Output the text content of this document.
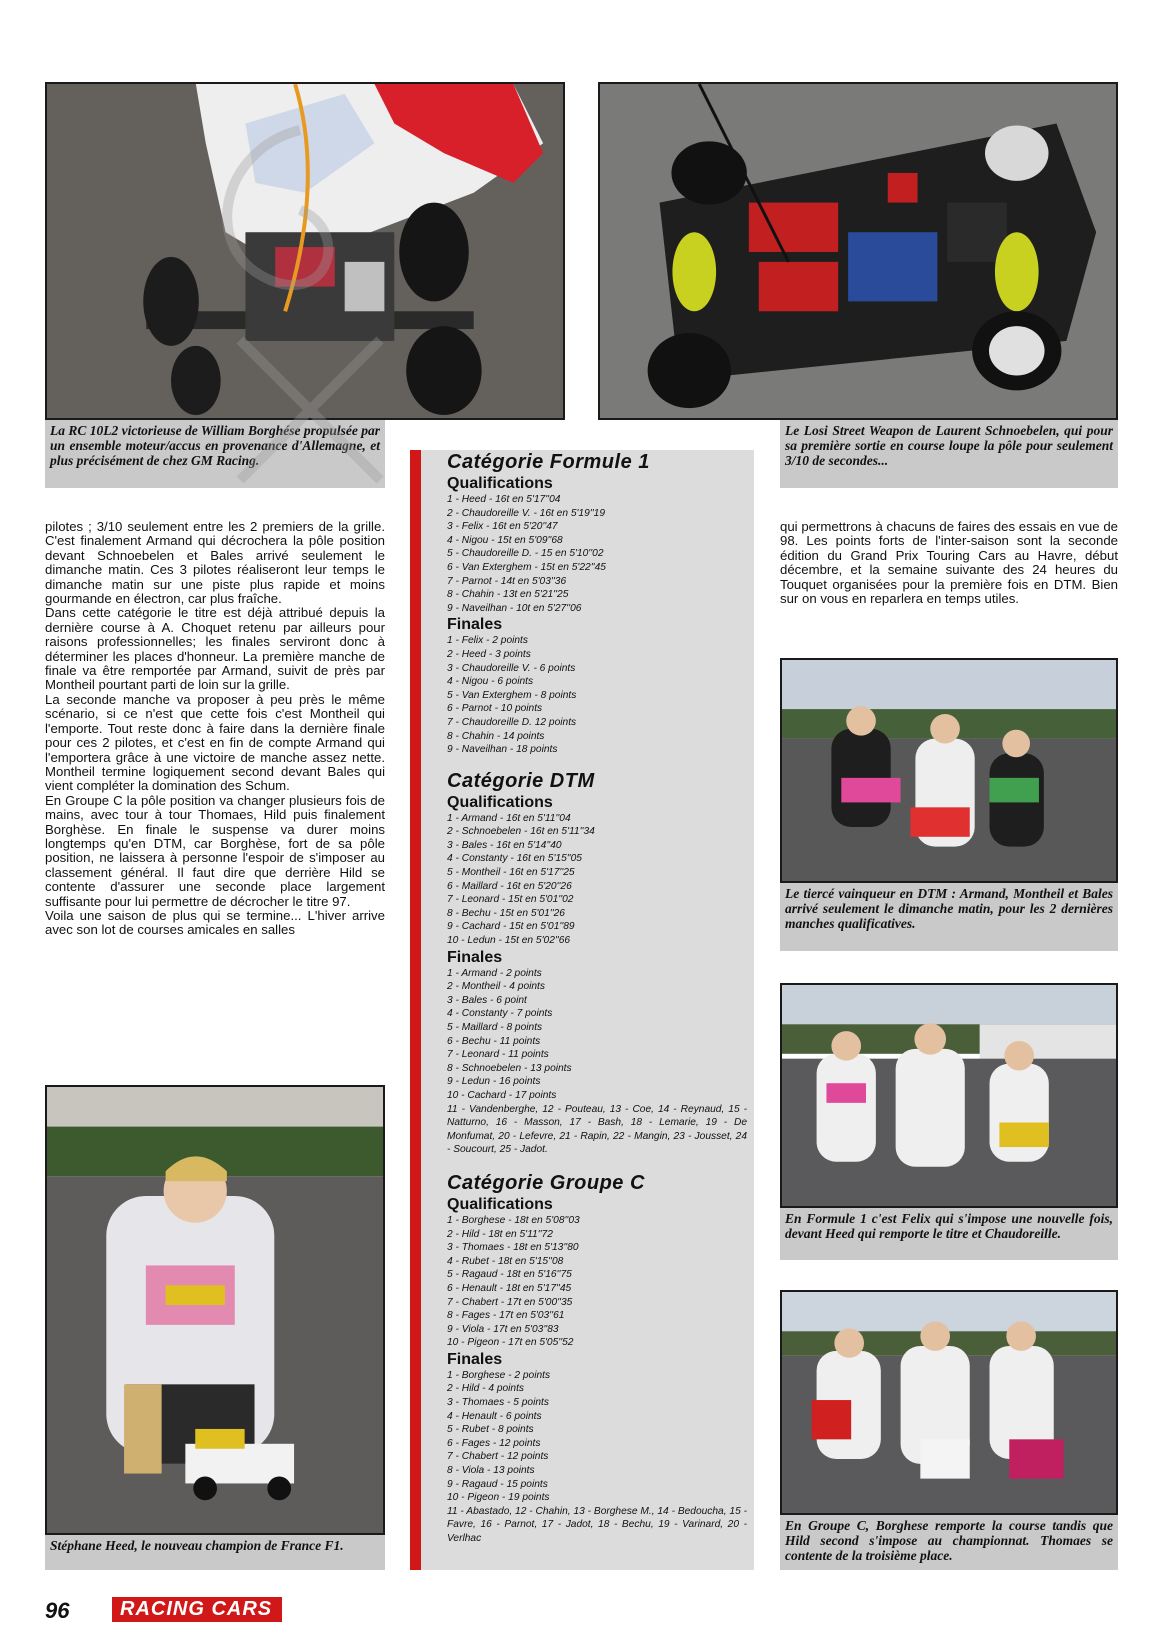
La RC 10L2 victorieuse de William Borghése propulsée par un ensemble moteur/accus en provenance d'Allemagne, et plus précisément de chez GM Racing.
Le Losi Street Weapon de Laurent Schnoebelen, qui pour sa première sortie en course loupe la pôle pour seulement 3/10 de secondes...

pilotes ; 3/10 seulement entre les 2 premiers de la grille. C'est finalement Armand qui décrochera la pôle position devant Schnoebelen et Bales arrivé seulement le dimanche matin. Ces 3 pilotes réaliseront leur temps le dimanche matin sur une piste plus rapide et moins gourmande en électron, car plus fraîche.

Dans cette catégorie le titre est déjà attribué depuis la dernière course à A. Choquet retenu par ailleurs pour raisons professionnelles; les finales serviront donc à déterminer les places d'honneur. La première manche de finale va être remportée par Armand, suivit de près par Montheil pourtant parti de loin sur la grille.

La seconde manche va proposer à peu près le même scénario, si ce n'est que cette fois c'est Montheil qui l'emporte. Tout reste donc à faire dans la dernière finale pour ces 2 pilotes, et c'est en fin de compte Armand qui l'emportera grâce à une victoire de manche assez nette. Montheil termine logiquement second devant Bales qui vient compléter la domination des Schum.

En Groupe C la pôle position va changer plusieurs fois de mains, avec tour à tour Thomaes, Hild puis finalement Borghèse. En finale le suspense va durer moins longtemps qu'en DTM, car Borghèse, fort de sa pôle position, ne laissera à personne l'espoir de s'imposer au classement général. Il faut dire que derrière Hild se contente d'assurer une seconde place largement suffisante pour lui permettre de décrocher le titre 97.

Voila une saison de plus qui se termine... L'hiver arrive avec son lot de courses amicales en salles

Stéphane Heed, le nouveau champion de France F1.
Catégorie Formule 1
Qualifications
1 - Heed - 16t en 5'17''04
2 - Chaudoreille V. - 16t en 5'19''19
3 - Felix - 16t en 5'20''47
4 - Nigou - 15t en 5'09''68
5 - Chaudoreille D. - 15 en 5'10''02
6 - Van Exterghem - 15t en 5'22''45
7 - Parnot - 14t en 5'03''36
8 - Chahin - 13t en 5'21''25
9 - Naveilhan - 10t en 5'27''06
Finales
1 - Felix - 2 points
2 - Heed - 3 points
3 - Chaudoreille V. - 6 points
4 - Nigou - 6 points
5 - Van Exterghem - 8 points
6 - Parnot - 10 points
7 - Chaudoreille D. 12 points
8 - Chahin - 14 points
9 - Naveilhan - 18 points
Catégorie DTM
Qualifications
1 - Armand - 16t en 5'11''04
2 - Schnoebelen - 16t en 5'11''34
3 - Bales - 16t en 5'14''40
4 - Constanty - 16t en 5'15''05
5 - Montheil - 16t en 5'17''25
6 - Maillard - 16t en 5'20''26
7 - Leonard - 15t en 5'01''02
8 - Bechu - 15t en 5'01''26
9 - Cachard - 15t en 5'01''89
10 - Ledun - 15t en 5'02''66
Finales
1 - Armand - 2 points
2 - Montheil - 4 points
3 - Bales - 6 point
4 - Constanty - 7 points
5 - Maillard - 8 points
6 - Bechu - 11 points
7 - Leonard - 11 points
8 - Schnoebelen - 13 points
9 - Ledun - 16 points
10 - Cachard - 17 points

11 - Vandenberghe, 12 - Pouteau, 13 - Coe, 14 - Reynaud, 15 - Natturno, 16 - Masson, 17 - Bash, 18 - Lemarie, 19 - De Monfumat, 20 - Lefevre, 21 - Rapin, 22 - Mangin, 23 - Jousset, 24 - Soucourt, 25 - Jadot.

Catégorie Groupe C
Qualifications
1 - Borghese - 18t en 5'08''03
2 - Hild - 18t en 5'11''72
3 - Thomaes - 18t en 5'13''80
4 - Rubet - 18t en 5'15''08
5 - Ragaud - 18t en 5'16''75
6 - Henault - 18t en 5'17''45
7 - Chabert - 17t en 5'00''35
8 - Fages - 17t en 5'03''61
9 - Viola - 17t en 5'03''83
10 - Pigeon - 17t en 5'05''52
Finales
1 - Borghese - 2 points
2 - Hild - 4 points
3 - Thomaes - 5 points
4 - Henault - 6 points
5 - Rubet - 8 points
6 - Fages - 12 points
7 - Chabert - 12 points
8 - Viola - 13 points
9 - Ragaud - 15 points
10 - Pigeon - 19 points

11 - Abastado, 12 - Chahin, 13 - Borghese M., 14 - Bedoucha, 15 - Favre, 16 - Parnot, 17 - Jadot, 18 - Bechu, 19 - Varinard, 20 - Verlhac

qui permettrons à chacuns de faires des essais en vue de 98. Les points forts de l'inter-saison sont la seconde édition du Grand Prix Touring Cars au Havre, début décembre, et la semaine suivante des 24 heures du Touquet organisées pour la première fois en DTM. Bien sur on vous en reparlera en temps utiles.

Le tiercé vainqueur en DTM : Armand, Montheil et Bales arrivé seulement le dimanche matin, pour les 2 dernières manches qualificatives.
En Formule 1 c'est Felix qui s'impose une nouvelle fois, devant Heed qui remporte le titre et Chaudoreille.
En Groupe C, Borghese remporte la course tandis que Hild second s'impose au championnat. Thomaes se contente de la troisième place.
96	RACING CARS
